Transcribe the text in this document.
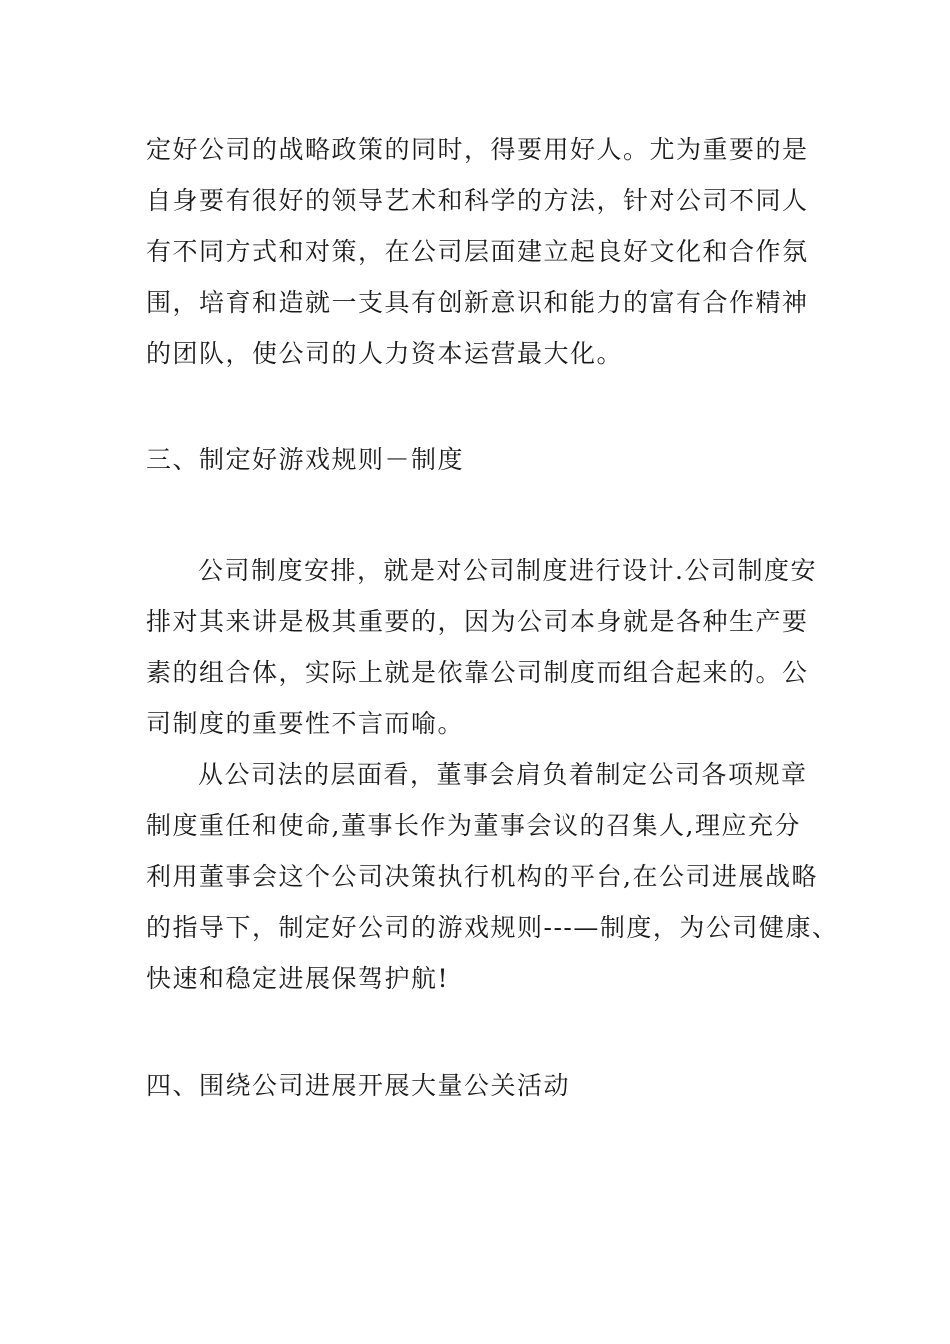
定好公司的战略政策的同时，得要用好人。尤为重要的是
自身要有很好的领导艺术和科学的方法，针对公司不同人
有不同方式和对策，在公司层面建立起良好文化和合作氛
围，培育和造就一支具有创新意识和能力的富有合作精神
的团队，使公司的人力资本运营最大化。
三、制定好游戏规则－制度
公司制度安排，就是对公司制度进行设计.公司制度安
排对其来讲是极其重要的，因为公司本身就是各种生产要
素的组合体，实际上就是依靠公司制度而组合起来的。公
司制度的重要性不言而喻。
从公司法的层面看，董事会肩负着制定公司各项规章
制度重任和使命,董事长作为董事会议的召集人,理应充分
利用董事会这个公司决策执行机构的平台,在公司进展战略
的指导下，制定好公司的游戏规则---—制度，为公司健康、
快速和稳定进展保驾护航!
四、围绕公司进展开展大量公关活动
